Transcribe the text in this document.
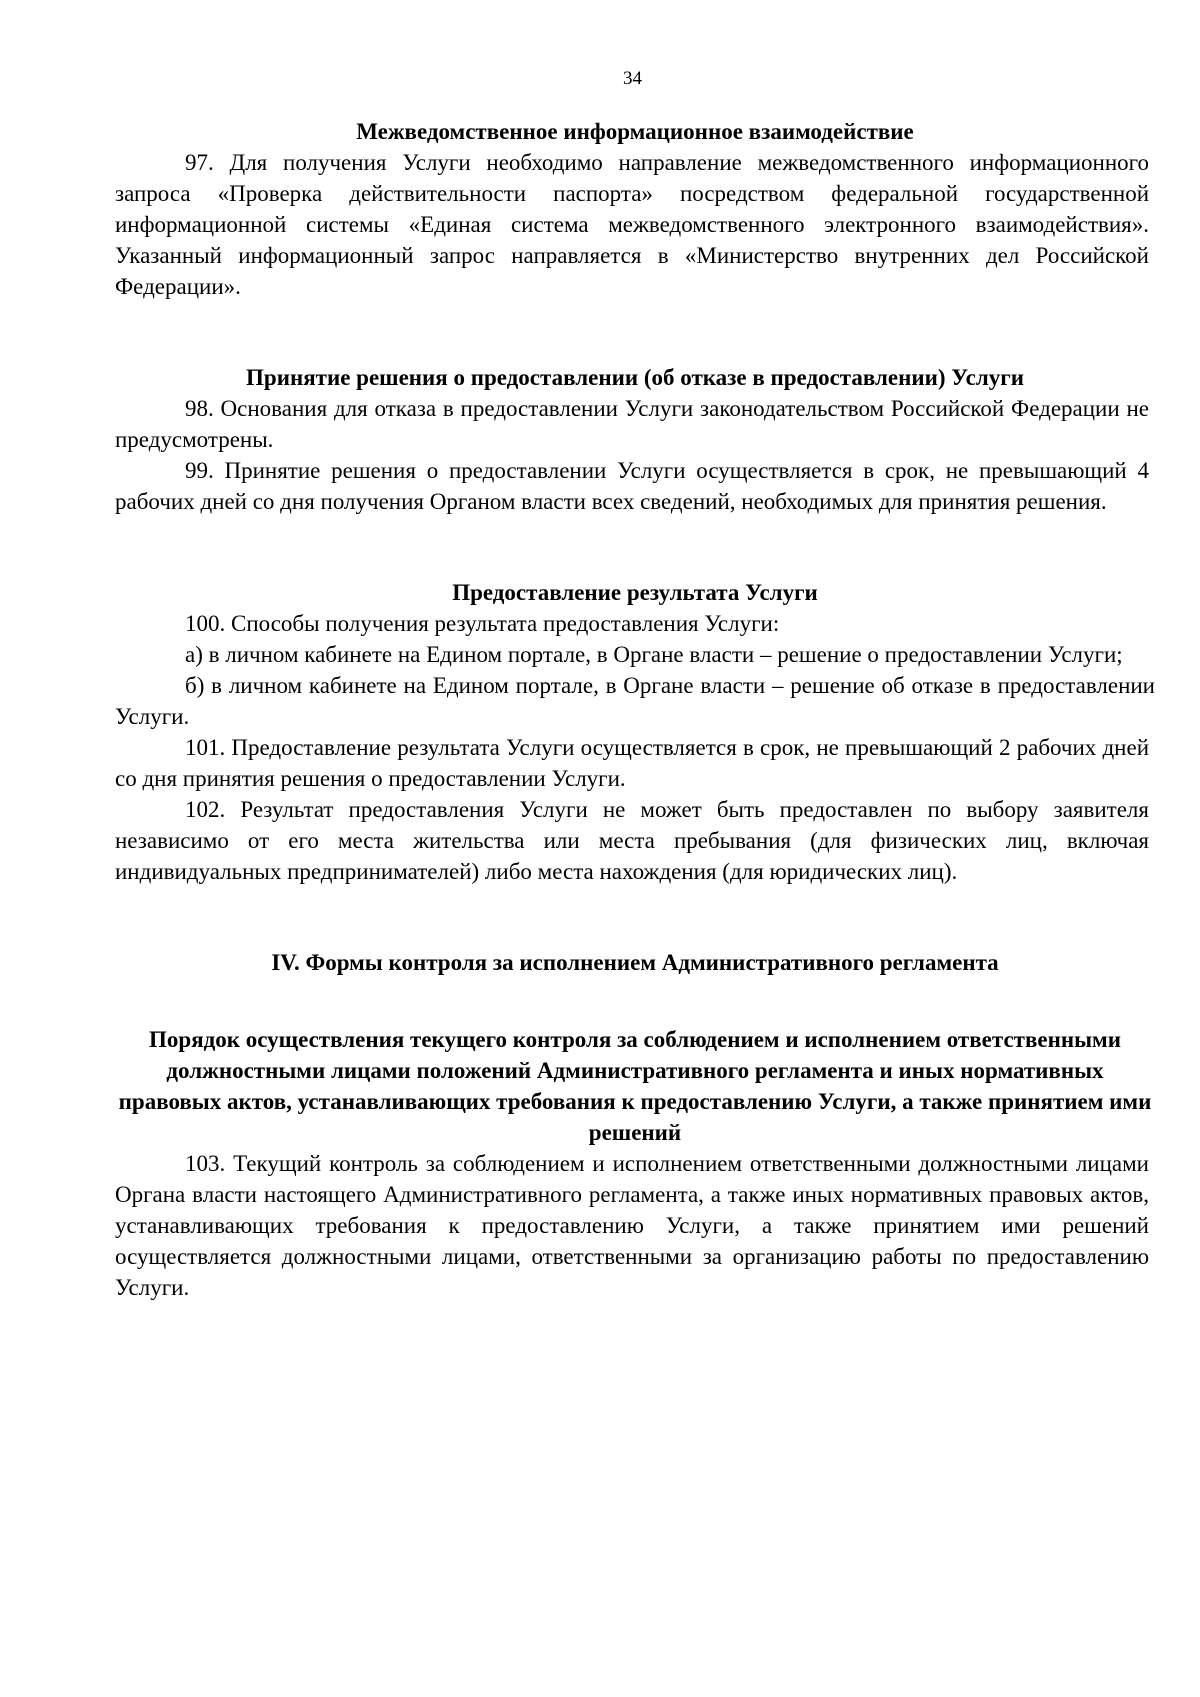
34
Межведомственное информационное взаимодействие

97. Для получения Услуги необходимо направление межведомственного информационного запроса «Проверка действительности паспорта» посредством федеральной государственной информационной системы «Единая система межведомственного электронного взаимодействия». Указанный информационный запрос направляется в «Министерство внутренних дел Российской Федерации».

Принятие решения о предоставлении (об отказе в предоставлении) Услуги

98. Основания для отказа в предоставлении Услуги законодательством Российской Федерации не предусмотрены.

99. Принятие решения о предоставлении Услуги осуществляется в срок, не превышающий 4 рабочих дней со дня получения Органом власти всех сведений, необходимых для принятия решения.

Предоставление результата Услуги

100. Способы получения результата предоставления Услуги:

а) в личном кабинете на Едином портале, в Органе власти – решение о предоставлении Услуги;

б) в личном кабинете на Едином портале, в Органе власти – решение об отказе в предоставлении Услуги.

101. Предоставление результата Услуги осуществляется в срок, не превышающий 2 рабочих дней со дня принятия решения о предоставлении Услуги.

102. Результат предоставления Услуги не может быть предоставлен по выбору заявителя независимо от его места жительства или места пребывания (для физических лиц, включая индивидуальных предпринимателей) либо места нахождения (для юридических лиц).

IV. Формы контроля за исполнением Административного регламента
Порядок осуществления текущего контроля за соблюдением и исполнением ответственными должностными лицами положений Административного регламента и иных нормативных правовых актов, устанавливающих требования к предоставлению Услуги, а также принятием ими решений

103. Текущий контроль за соблюдением и исполнением ответственными должностными лицами Органа власти настоящего Административного регламента, а также иных нормативных правовых актов, устанавливающих требования к предоставлению Услуги, а также принятием ими решений осуществляется должностными лицами, ответственными за организацию работы по предоставлению Услуги.
